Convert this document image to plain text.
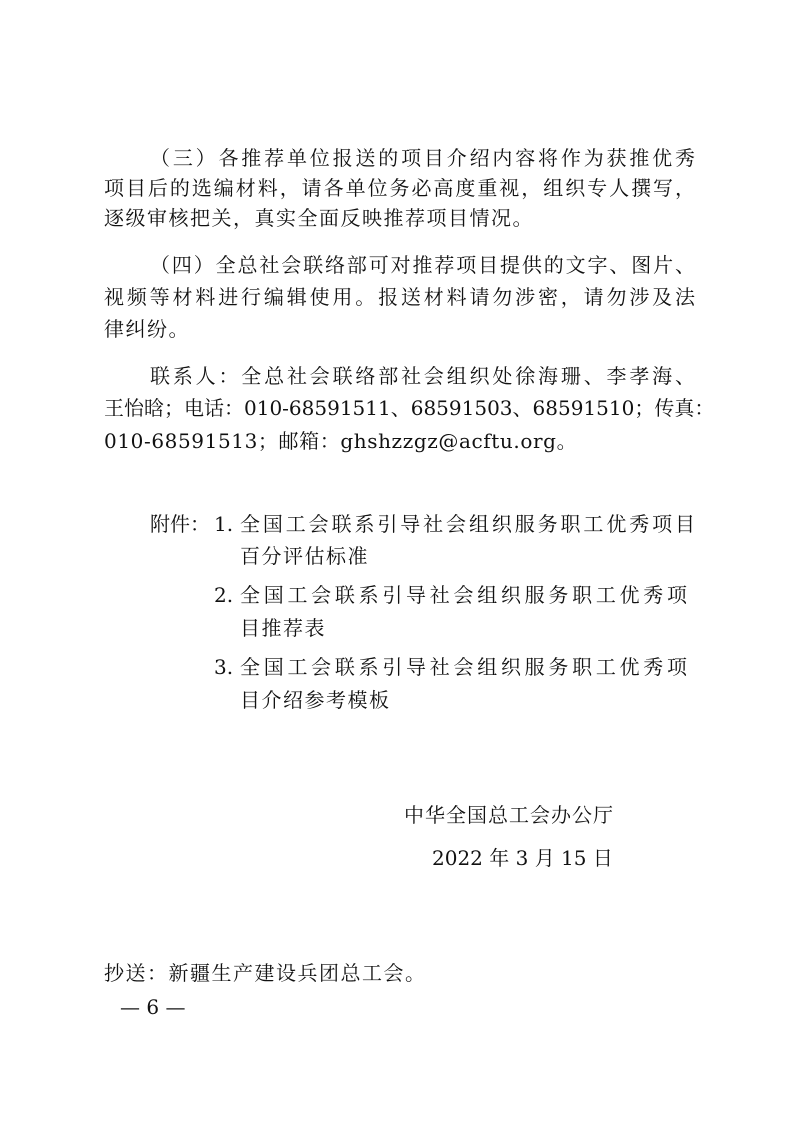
（三）各推荐单位报送的项目介绍内容将作为获推优秀
项目后的选编材料，请各单位务必高度重视，组织专人撰写，
逐级审核把关，真实全面反映推荐项目情况。
（四）全总社会联络部可对推荐项目提供的文字、图片、
视频等材料进行编辑使用。报送材料请勿涉密，请勿涉及法
律纠纷。
联系人：全总社会联络部社会组织处徐海珊、李孝海、
王怡晗；电话：010-68591511、68591503、68591510；传真：
010-68591513；邮箱：ghshzzgz@acftu.org。
附件： 1. 全国工会联系引导社会组织服务职工优秀项目
百分评估标准
2. 全国工会联系引导社会组织服务职工优秀项
目推荐表
3. 全国工会联系引导社会组织服务职工优秀项
目介绍参考模板
中华全国总工会办公厅
2022 年 3 月 15 日
抄送：新疆生产建设兵团总工会。
— 6 —
